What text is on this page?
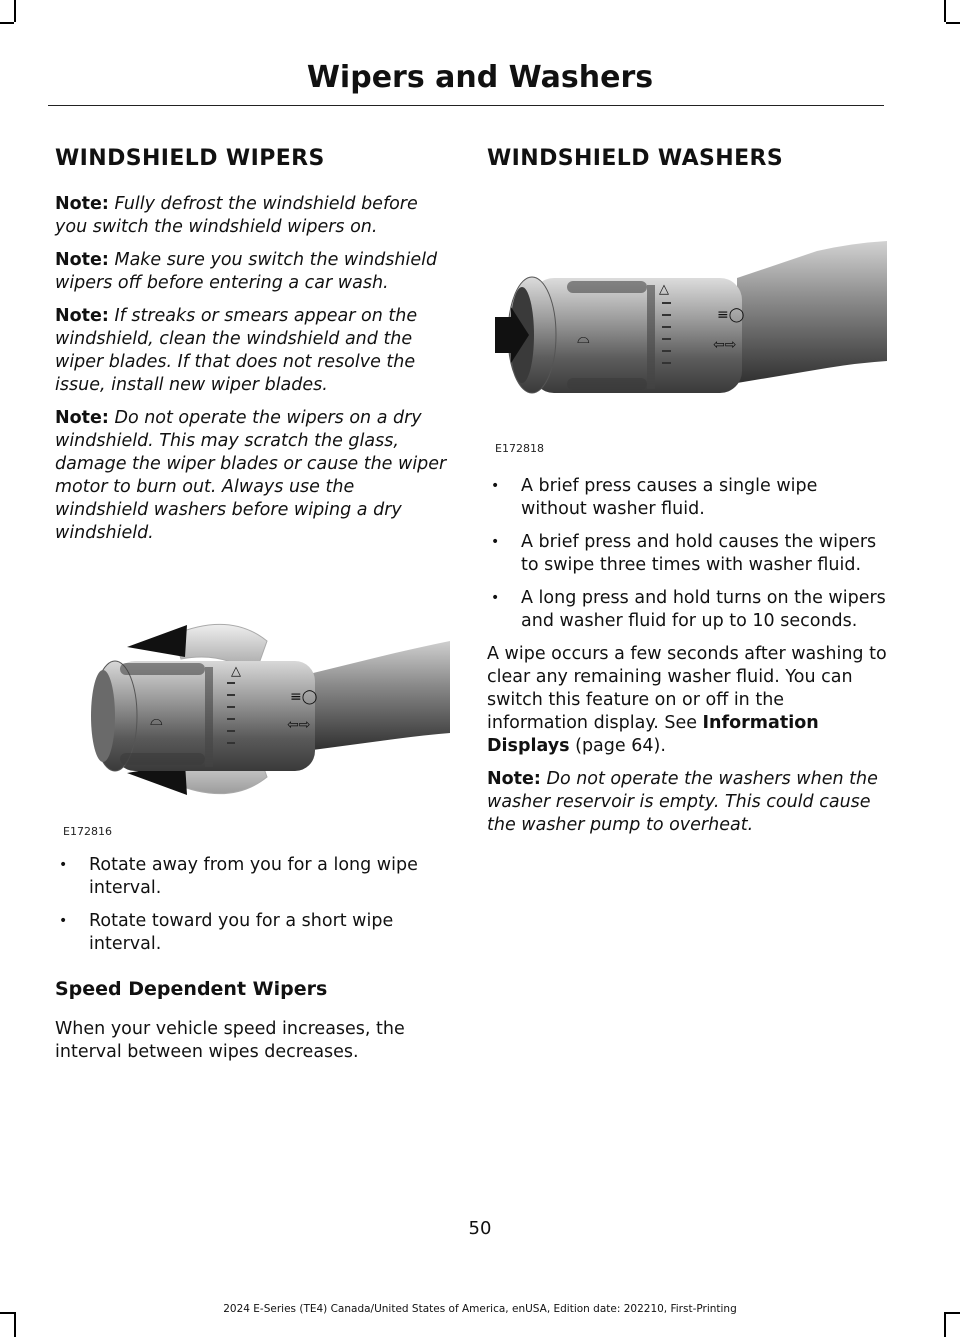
Wipers and Washers
WINDSHIELD WIPERS

Note: Fully defrost the windshield before you switch the windshield wipers on.

Note: Make sure you switch the windshield wipers off before entering a car wash.

Note: If streaks or smears appear on the windshield, clean the windshield and the wiper blades. If that does not resolve the issue, install new wiper blades.

Note: Do not operate the wipers on a dry windshield. This may scratch the glass, damage the wiper blades or cause the wiper motor to burn out. Always use the windshield washers before wiping a dry windshield.

⌓
△
≡◯
⇦⇨
E172816
• Rotate away from you for a long wipe interval.
• Rotate toward you for a short wipe interval.
Speed Dependent Wipers

When your vehicle speed increases, the interval between wipes decreases.

WINDSHIELD WASHERS
⌓
△
≡◯
⇦⇨
E172818
• A brief press causes a single wipe without washer fluid.
• A brief press and hold causes the wipers to swipe three times with washer fluid.
• A long press and hold turns on the wipers and washer fluid for up to 10 seconds.

A wipe occurs a few seconds after washing to clear any remaining washer fluid. You can switch this feature on or off in the information display. See Information Displays (page 64).

Note: Do not operate the washers when the washer reservoir is empty. This could cause the washer pump to overheat.

50
2024 E-Series (TE4) Canada/United States of America, enUSA, Edition date: 202210, First-Printing
